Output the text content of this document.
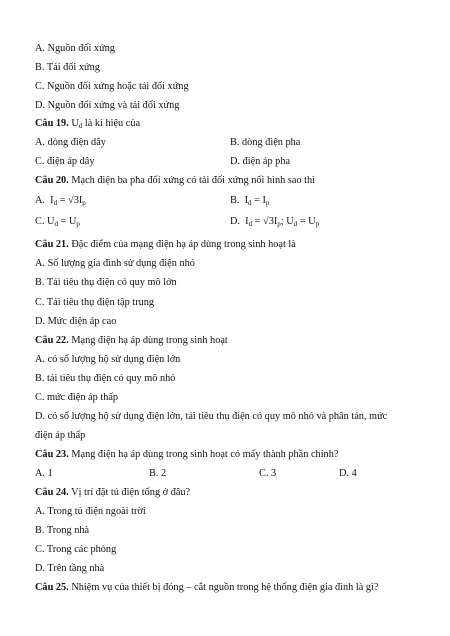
A. Nguồn đối xứng
B. Tải đối xứng
C. Nguồn đối xứng hoặc tải đối xứng
D. Nguồn đối xứng và tải đối xứng
Câu 19. $U_d$ là kí hiệu của
A. dòng điện dây	B. dòng điện pha
C. điện áp dây	D. điện áp pha
Câu 20. Mạch điện ba pha đối xứng có tải đối xứng nối hình sao thì
A.  $I_d = √3I_p$	B.  $I_d = I_p$
C. $U_d = U_p$	D.  $I_d = √3I_p$; $U_d = U_p$
Câu 21. Đặc điểm của mạng điện hạ áp dùng trong sinh hoạt là
A. Số lượng gia đình sử dụng điện nhỏ
B. Tải tiêu thụ điện có quy mô lớn
C. Tải tiêu thụ điện tập trung
D. Mức điện áp cao
Câu 22. Mạng điện hạ áp dùng trong sinh hoạt
A. có số lượng hộ sử dụng điện lớn
B. tải tiêu thụ điện có quy mô nhỏ
C. mức điện áp thấp
D. có số lượng hộ sử dụng điện lớn, tải tiêu thụ điện có quy mô nhỏ và phân tán, mức
điện áp thấp
Câu 23. Mạng điện hạ áp dùng trong sinh hoạt có mấy thành phần chính?
A. 1	B. 2	C. 3	D. 4
Câu 24. Vị trí đặt tủ điện tổng ở đâu?
A. Trong tủ điện ngoài trời
B. Trong nhà
C. Trong các phòng
D. Trên tầng nhà
Câu 25. Nhiệm vụ của thiết bị đóng – cắt nguồn trong hệ thống điện gia đình là gì?
